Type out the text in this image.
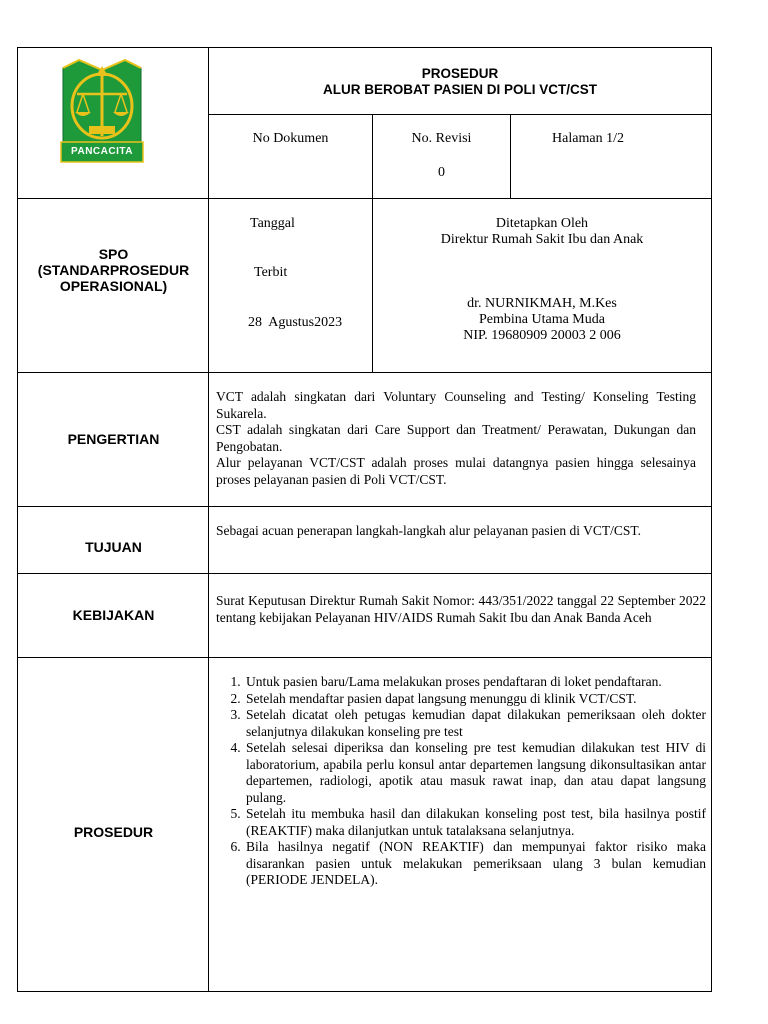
PANCACITA
PROSEDUR
ALUR BEROBAT PASIEN DI POLI VCT/CST
No Dokumen	No. Revisi
0
Halaman 1/2
SPO
(STANDARPROSEDUR
OPERASIONAL)
Tanggal
Terbit
28  Agustus2023
Ditetapkan Oleh
Direktur Rumah Sakit Ibu dan Anak
dr. NURNIKMAH, M.Kes
Pembina Utama Muda
NIP. 19680909 20003 2 006
PENGERTIAN

VCT adalah singkatan dari Voluntary Counseling and Testing/ Konseling Testing Sukarela.

CST adalah singkatan dari Care Support dan Treatment/ Perawatan, Dukungan dan Pengobatan.

Alur pelayanan VCT/CST adalah proses mulai datangnya pasien hingga selesainya proses pelayanan pasien di Poli VCT/CST.

TUJUAN
Sebagai acuan penerapan langkah-langkah alur pelayanan pasien di VCT/CST.
KEBIJAKAN
Surat Keputusan Direktur Rumah Sakit Nomor: 443/351/2022 tanggal 22 September 2022 tentang kebijakan Pelayanan HIV/AIDS Rumah Sakit Ibu dan Anak Banda Aceh
PROSEDUR
1. Untuk pasien baru/Lama melakukan proses pendaftaran di loket pendaftaran.
2. Setelah mendaftar pasien dapat langsung menunggu di klinik VCT/CST.
3. Setelah dicatat oleh petugas kemudian dapat dilakukan pemeriksaan oleh dokter selanjutnya dilakukan konseling pre test
4. Setelah selesai diperiksa dan konseling pre test kemudian dilakukan test HIV di laboratorium, apabila perlu konsul antar departemen langsung dikonsultasikan antar departemen, radiologi, apotik atau masuk rawat inap, dan atau dapat langsung pulang.
5. Setelah itu membuka hasil dan dilakukan konseling post test, bila hasilnya postif (REAKTIF) maka dilanjutkan untuk tatalaksana selanjutnya.
6. Bila hasilnya negatif (NON REAKTIF) dan mempunyai faktor risiko maka disarankan pasien untuk melakukan pemeriksaan ulang 3 bulan kemudian (PERIODE JENDELA).
